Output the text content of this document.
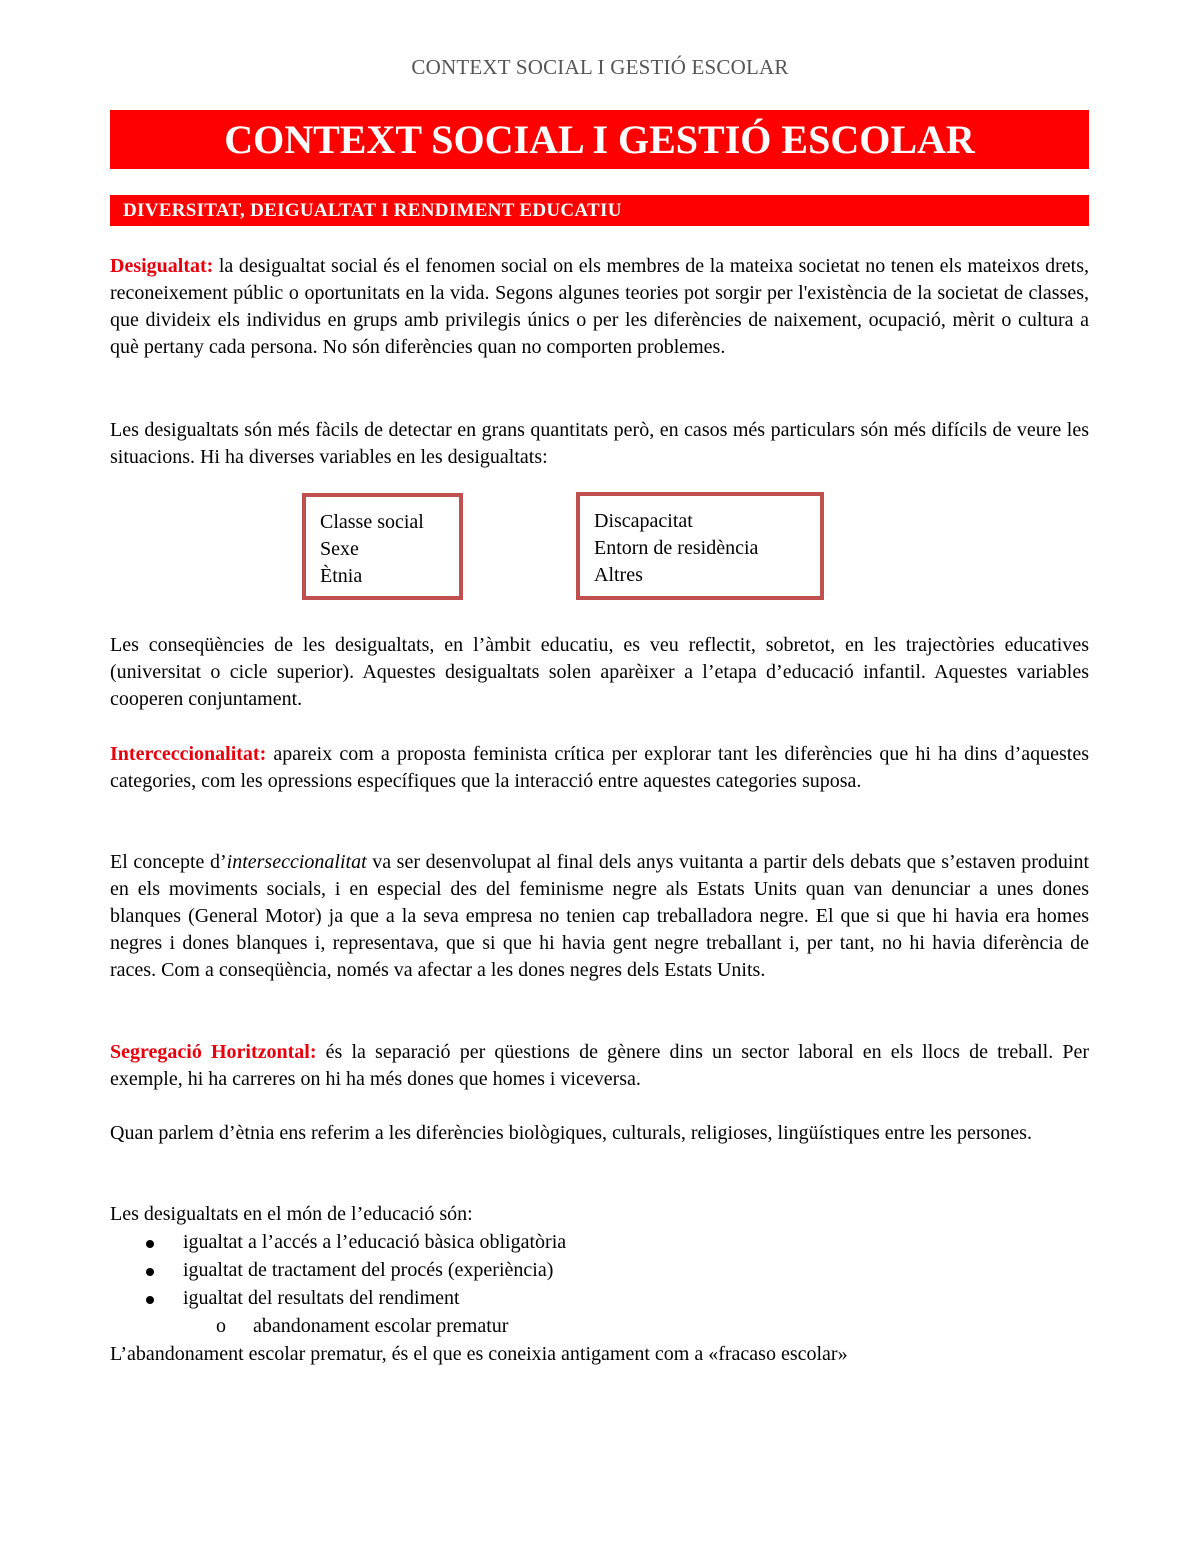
CONTEXT SOCIAL I GESTIÓ ESCOLAR
CONTEXT SOCIAL I GESTIÓ ESCOLAR
DIVERSITAT, DEIGUALTAT I RENDIMENT EDUCATIU

Desigualtat: la desigualtat social és el fenomen social on els membres de la mateixa societat no tenen els mateixos drets, reconeixement públic o oportunitats en la vida. Segons algunes teories pot sorgir per l'existència de la societat de classes, que divideix els individus en grups amb privilegis únics o per les diferències de naixement, ocupació, mèrit o cultura a què pertany cada persona. No són diferències quan no comporten problemes.

Les desigualtats són més fàcils de detectar en grans quantitats però, en casos més particulars són més difícils de veure les situacions. Hi ha diverses variables en les desigualtats:

Classe social
Sexe
Ètnia
Discapacitat
Entorn de residència
Altres

Les conseqüències de les desigualtats, en l’àmbit educatiu, es veu reflectit, sobretot, en les trajectòries educatives (universitat o cicle superior). Aquestes desigualtats solen aparèixer a l’etapa d’educació infantil. Aquestes variables cooperen conjuntament.

Interceccionalitat: apareix com a proposta feminista crítica per explorar tant les diferències que hi ha dins d’aquestes categories, com les opressions específiques que la interacció entre aquestes categories suposa.

El concepte d’interseccionalitat va ser desenvolupat al final dels anys vuitanta a partir dels debats que s’estaven produint en els moviments socials, i en especial des del feminisme negre als Estats Units quan van denunciar a unes dones blanques (General Motor) ja que a la seva empresa no tenien cap treballadora negre. El que si que hi havia era homes negres i dones blanques i, representava, que si que hi havia gent negre treballant i, per tant, no hi havia diferència de races. Com a conseqüència, només va afectar a les dones negres dels Estats Units.

Segregació Horitzontal: és la separació per qüestions de gènere dins un sector laboral en els llocs de treball. Per exemple, hi ha carreres on hi ha més dones que homes i viceversa.

Quan parlem d’ètnia ens referim a les diferències biològiques, culturals, religioses, lingüístiques entre les persones.

Les desigualtats en el món de l’educació són:

igualtat a l’accés a l’educació bàsica obligatòria
igualtat de tractament del procés (experiència)
igualtat del resultats del rendiment
o abandonament escolar prematur

L’abandonament escolar prematur, és el que es coneixia antigament com a «fracaso escolar»
